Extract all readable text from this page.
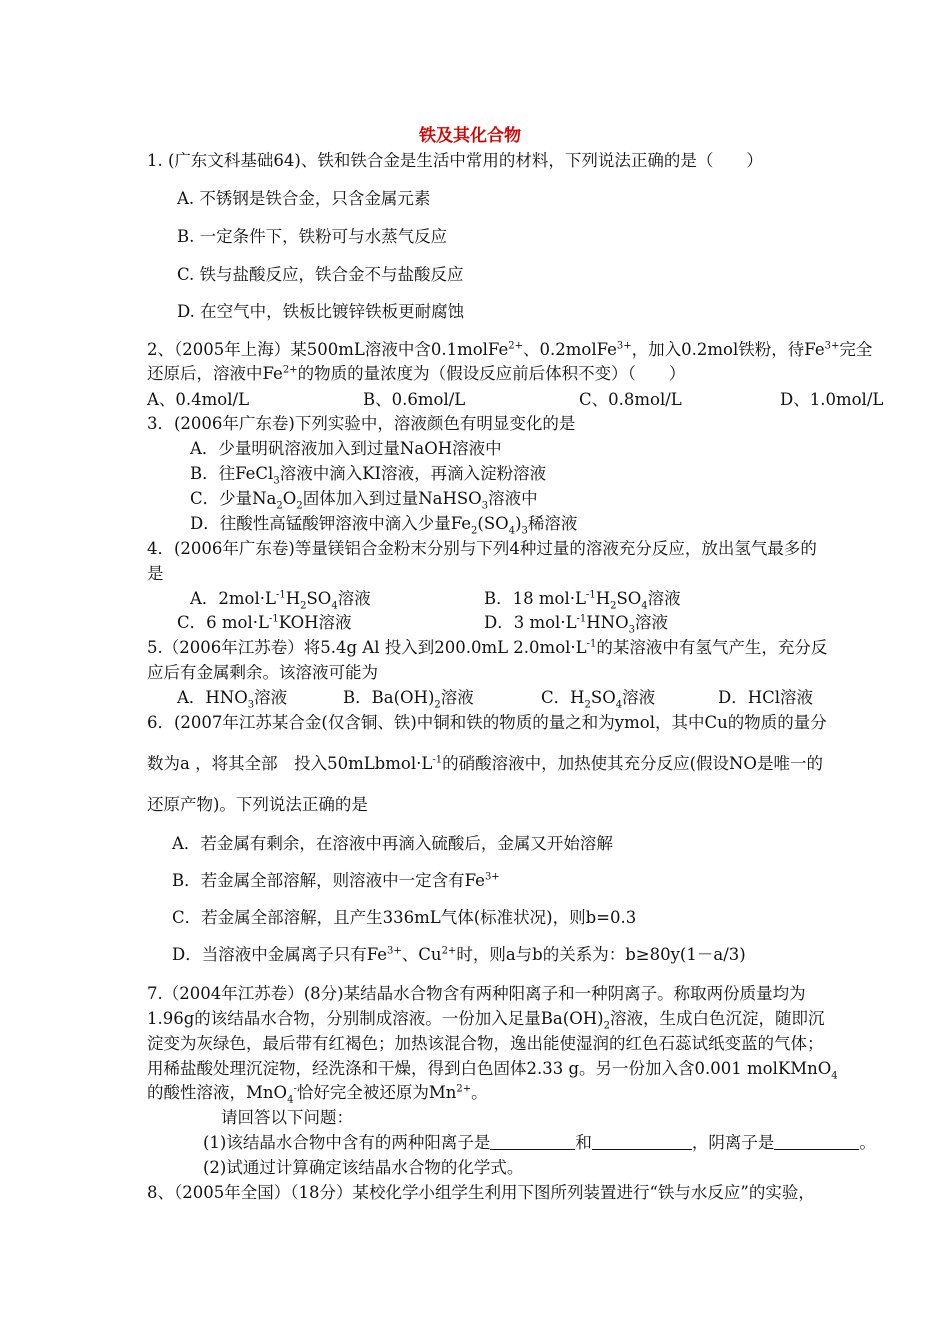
铁及其化合物
1. (广东文科基础64)、铁和铁合金是生活中常用的材料，下列说法正确的是（　　）
A. 不锈钢是铁合金，只含金属元素
B. 一定条件下，铁粉可与水蒸气反应
C. 铁与盐酸反应，铁合金不与盐酸反应
D. 在空气中，铁板比镀锌铁板更耐腐蚀
2、（2005年上海）某500mL溶液中含0.1molFe$^{2+}$、0.2molFe$^{3+}$，加入0.2mol铁粉，待$Fe^{3+}$完全
还原后，溶液中$Fe^{2+}$的物质的量浓度为（假设反应前后体积不变）（　　）
A、0.4mol/L	B、0.6mol/L	C、0.8mol/L	D、1.0mol/L
3．(2006年广东卷)下列实验中，溶液颜色有明显变化的是
A．少量明矾溶液加入到过量NaOH溶液中
B．往FeCl$_3$溶液中滴入KI溶液，再滴入淀粉溶液
C．少量$Na_2O_2$固体加入到过量NaHSO$_3$溶液中
D．往酸性高锰酸钾溶液中滴入少量$Fe_2(SO_4)_3$稀溶液
4．(2006年广东卷)等量镁铝合金粉末分别与下列4种过量的溶液充分反应，放出氢气最多的
是
A．$2mol\cdot L^{-1}H_2SO_4$溶液	B．18 $mol\cdot L^{-1}H_2SO_4$溶液
C．6 $mol\cdot L^{-1}KOH$溶液	D．3 $mol\cdot L^{-1}HNO_3$溶液
5.（2006年江苏卷）将5.4g Al 投入到200.0mL $2.0mol\cdot L^{-1}$的某溶液中有氢气产生，充分反
应后有金属剩余。该溶液可能为
A．$HNO_3$溶液	B．$Ba(OH)_2$溶液	C．$H_2SO_4$溶液	D．HCl溶液
6．(2007年江苏某合金(仅含铜、铁)中铜和铁的物质的量之和为ymol，其中Cu的物质的量分
数为a ，将其全部　投入$50mLbmol\cdot L^{-1}$的硝酸溶液中，加热使其充分反应(假设NO是唯一的
还原产物)。下列说法正确的是
A．若金属有剩余，在溶液中再滴入硫酸后，金属又开始溶解
B．若金属全部溶解，则溶液中一定含有$Fe^{3+}$
C．若金属全部溶解，且产生336mL气体(标准状况)，则b=0.3
D．当溶液中金属离子只有$Fe^{3+}$、$Cu^{2+}$时，则a与b的关系为：b≥80y(1－a/3)
7.（2004年江苏卷）(8分)某结晶水合物含有两种阳离子和一种阴离子。称取两份质量均为
1.96g的该结晶水合物，分别制成溶液。一份加入足量$Ba(OH)_2$溶液，生成白色沉淀，随即沉
淀变为灰绿色，最后带有红褐色；加热该混合物，逸出能使湿润的红色石蕊试纸变蓝的气体；
用稀盐酸处理沉淀物，经洗涤和干燥，得到白色固体2.33 g。另一份加入含0.001 molKMnO$_4$
的酸性溶液，MnO$_4$-恰好完全被还原为$Mn^{2+}$。
请回答以下问题：
(1)该结晶水合物中含有的两种阳离子是	和	，阴离子是	。
(2)试通过计算确定该结晶水合物的化学式。
8、（2005年全国）（18分）某校化学小组学生利用下图所列装置进行“铁与水反应”的实验，
